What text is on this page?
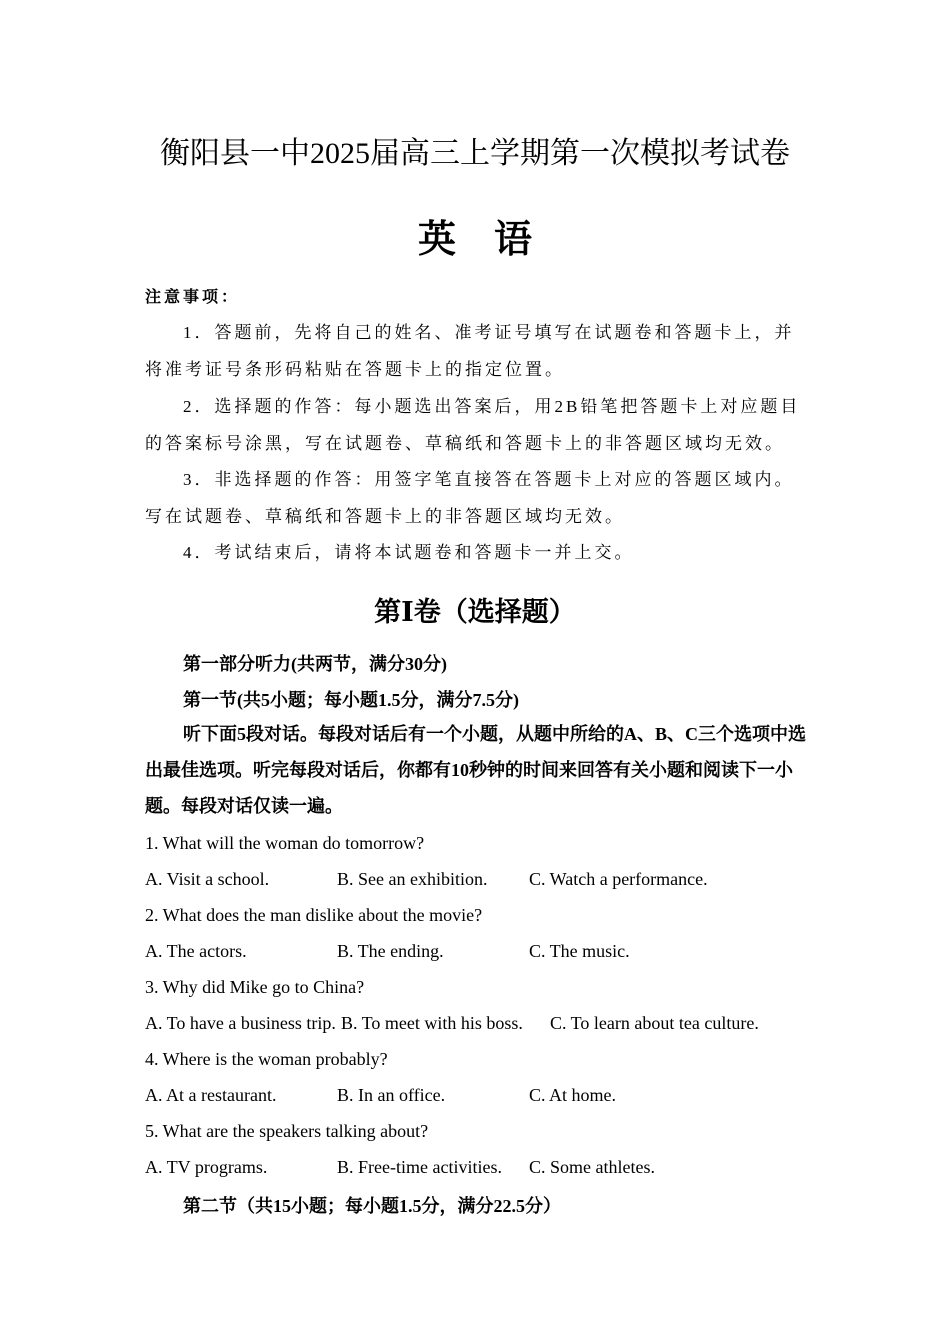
衡阳县一中2025届高三上学期第一次模拟考试卷
英语
注意事项：
1．答题前，先将自己的姓名、准考证号填写在试题卷和答题卡上，并
将准考证号条形码粘贴在答题卡上的指定位置。
2．选择题的作答：每小题选出答案后，用2B铅笔把答题卡上对应题目
的答案标号涂黑，写在试题卷、草稿纸和答题卡上的非答题区域均无效。
3．非选择题的作答：用签字笔直接答在答题卡上对应的答题区域内。
写在试题卷、草稿纸和答题卡上的非答题区域均无效。
4．考试结束后，请将本试题卷和答题卡一并上交。
第Ⅰ卷（选择题）
第一部分听力(共两节，满分30分)
第一节(共5小题；每小题1.5分，满分7.5分)
听下面5段对话。每段对话后有一个小题，从题中所给的A、B、C三个选项中选出最佳选项。听完每段对话后，你都有10秒钟的时间来回答有关小题和阅读下一小题。每段对话仅读一遍。
1. What will the woman do tomorrow?
A. Visit a school.	B. See an exhibition. C. Watch a performance.
2. What does the man dislike about the movie?
A. The actors.	B. The ending.	C. The music.
3. Why did Mike go to China?
A. To have a business trip. B. To meet with his boss. C. To learn about tea culture.
4. Where is the woman probably?
A. At a restaurant.	B. In an office.	C. At home.
5. What are the speakers talking about?
A. TV programs.	B. Free-time activities. C. Some athletes.
第二节（共15小题；每小题1.5分，满分22.5分）
